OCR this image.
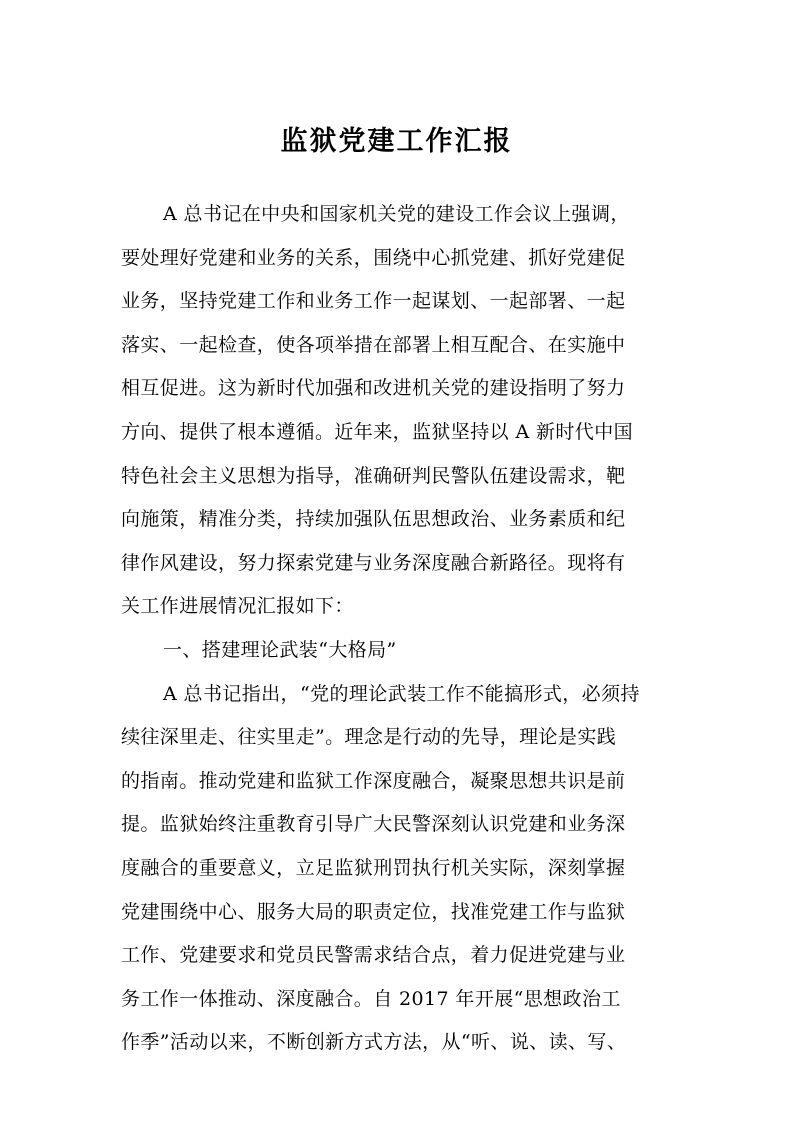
监狱党建工作汇报
A 总书记在中央和国家机关党的建设工作会议上强调，
要处理好党建和业务的关系，围绕中心抓党建、抓好党建促
业务，坚持党建工作和业务工作一起谋划、一起部署、一起
落实、一起检查，使各项举措在部署上相互配合、在实施中
相互促进。这为新时代加强和改进机关党的建设指明了努力
方向、提供了根本遵循。近年来，监狱坚持以 A 新时代中国
特色社会主义思想为指导，准确研判民警队伍建设需求，靶
向施策，精准分类，持续加强队伍思想政治、业务素质和纪
律作风建设，努力探索党建与业务深度融合新路径。现将有
关工作进展情况汇报如下：
一、搭建理论武装“大格局”
A 总书记指出，“党的理论武装工作不能搞形式，必须持
续往深里走、往实里走”。理念是行动的先导，理论是实践
的指南。推动党建和监狱工作深度融合，凝聚思想共识是前
提。监狱始终注重教育引导广大民警深刻认识党建和业务深
度融合的重要意义，立足监狱刑罚执行机关实际，深刻掌握
党建围绕中心、服务大局的职责定位，找准党建工作与监狱
工作、党建要求和党员民警需求结合点，着力促进党建与业
务工作一体推动、深度融合。自 2017 年开展“思想政治工
作季”活动以来，不断创新方式方法，从“听、说、读、写、
